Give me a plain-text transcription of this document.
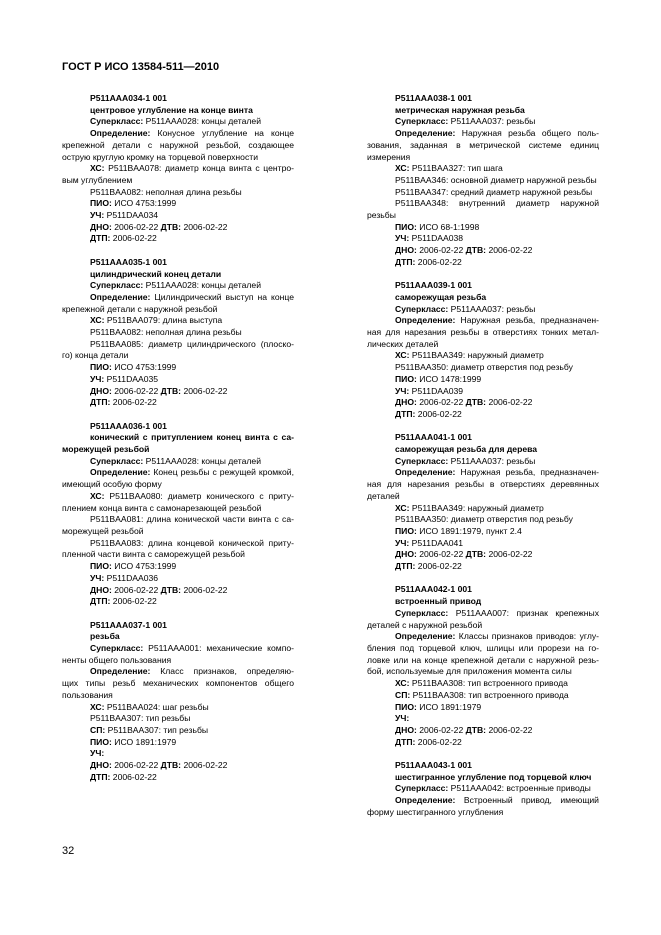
ГОСТ Р ИСО 13584-511—2010
P511AAA034-1 001
центровое углубление на конце винта
Суперкласс: P511AAA028: концы деталей
Определение: Конусное углубление на конце
крепежной детали с наружной резьбой, создающее
острую круглую кромку на торцевой поверхности
ХС: P511BAA078: диаметр конца винта с центро-
вым углублением
P511BAA082: неполная длина резьбы
ПИО: ИСО 4753:1999
УЧ: P511DAA034
ДНО: 2006-02-22 ДТВ: 2006-02-22
ДТП: 2006-02-22
P511AAA035-1 001
цилиндрический конец детали
Суперкласс: P511AAA028: концы деталей
Определение: Цилиндрический выступ на конце
крепежной детали с наружной резьбой
ХС: P511BAA079: длина выступа
P511BAA082: неполная длина резьбы
P511BAA085: диаметр цилиндрического (плоско-
го) конца детали
ПИО: ИСО 4753:1999
УЧ: P511DAA035
ДНО: 2006-02-22 ДТВ: 2006-02-22
ДТП: 2006-02-22
P511AAA036-1 001
конический с притуплением конец винта с са-
морежущей резьбой
Суперкласс: P511AAA028: концы деталей
Определение: Конец резьбы с режущей кромкой,
имеющий особую форму
ХС: P511BAA080: диаметр конического с приту-
плением конца винта с самонарезающей резьбой
P511BAA081: длина конической части винта с са-
морежущей резьбой
P511BAA083: длина концевой конической приту-
пленной части винта с саморежущей резьбой
ПИО: ИСО 4753:1999
УЧ: P511DAA036
ДНО: 2006-02-22 ДТВ: 2006-02-22
ДТП: 2006-02-22
P511AAA037-1 001
резьба
Суперкласс: P511AAA001: механические компо-
ненты общего пользования
Определение: Класс признаков, определяю-
щих типы резьб механических компонентов общего
пользования
ХС: P511BAA024: шаг резьбы
P511BAA307: тип резьбы
СП: P511BAA307: тип резьбы
ПИО: ИСО 1891:1979
УЧ:
ДНО: 2006-02-22 ДТВ: 2006-02-22
ДТП: 2006-02-22
P511AAA038-1 001
метрическая наружная резьба
Суперкласс: P511AAA037: резьбы
Определение: Наружная резьба общего поль-
зования, заданная в метрической системе единиц
измерения
ХС: P511BAA327: тип шага
P511BAA346: основной диаметр наружной резьбы
P511BAA347: средний диаметр наружной резьбы
P511BAA348: внутренний диаметр наружной
резьбы
ПИО: ИСО 68-1:1998
УЧ: P511DAA038
ДНО: 2006-02-22 ДТВ: 2006-02-22
ДТП: 2006-02-22
P511AAA039-1 001
саморежущая резьба
Суперкласс: P511AAA037: резьбы
Определение: Наружная резьба, предназначен-
ная для нарезания резьбы в отверстиях тонких метал-
лических деталей
ХС: P511BAA349: наружный диаметр
P511BAA350: диаметр отверстия под резьбу
ПИО: ИСО 1478:1999
УЧ: P511DAA039
ДНО: 2006-02-22 ДТВ: 2006-02-22
ДТП: 2006-02-22
P511AAA041-1 001
саморежущая резьба для дерева
Суперкласс: P511AAA037: резьбы
Определение: Наружная резьба, предназначен-
ная для нарезания резьбы в отверстиях деревянных
деталей
ХС: P511BAA349: наружный диаметр
P511BAA350: диаметр отверстия под резьбу
ПИО: ИСО 1891:1979, пункт 2.4
УЧ: P511DAA041
ДНО: 2006-02-22 ДТВ: 2006-02-22
ДТП: 2006-02-22
P511AAA042-1 001
встроенный привод
Суперкласс: P511AAA007: признак крепежных
деталей с наружной резьбой
Определение: Классы признаков приводов: углу-
бления под торцевой ключ, шлицы или прорези на го-
ловке или на конце крепежной детали с наружной резь-
бой, используемые для приложения момента силы
ХС: P511BAA308: тип встроенного привода
СП: P511BAA308: тип встроенного привода
ПИО: ИСО 1891:1979
УЧ:
ДНО: 2006-02-22 ДТВ: 2006-02-22
ДТП: 2006-02-22
P511AAA043-1 001
шестигранное углубление под торцевой ключ
Суперкласс: P511AAA042: встроенные приводы
Определение: Встроенный привод, имеющий
форму шестигранного углубления
32
